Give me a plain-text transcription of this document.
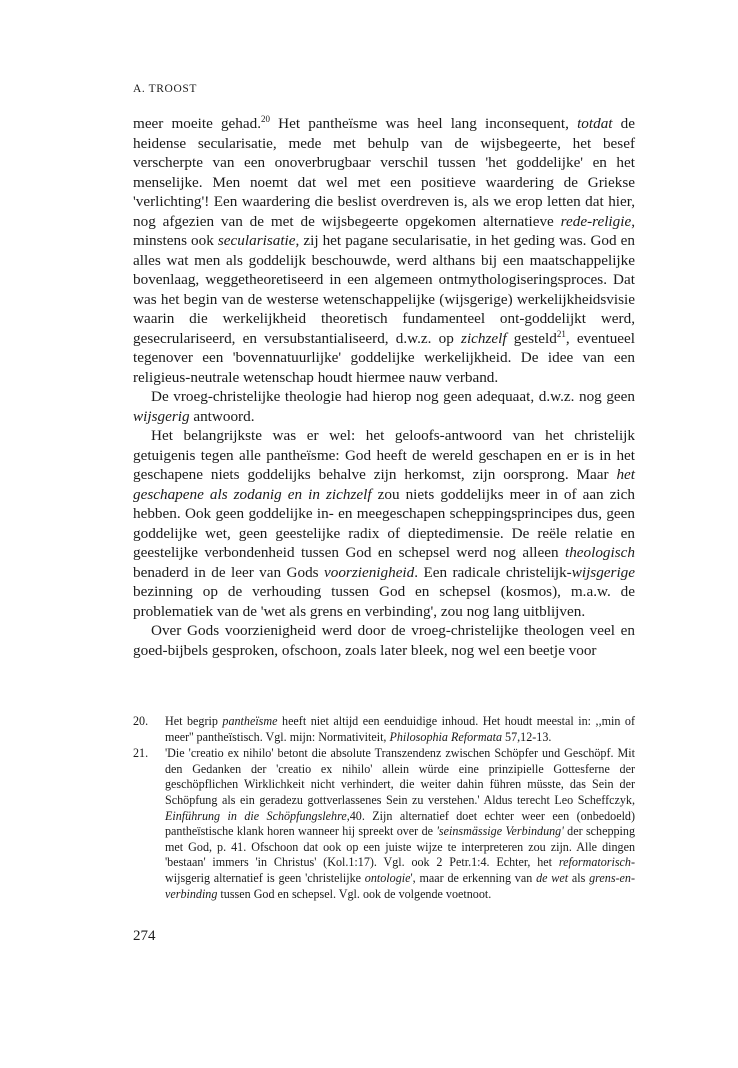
A. TROOST

meer moeite gehad.$^{20}$ Het pantheïsme was heel lang inconsequent, totdat de heidense secularisatie, mede met behulp van de wijsbegeerte, het besef verscherpte van een onoverbrugbaar verschil tussen 'het goddelijke' en het menselijke. Men noemt dat wel met een positieve waardering de Griekse 'verlichting'! Een waardering die beslist overdreven is, als we erop letten dat hier, nog afgezien van de met de wijsbegeerte opgekomen alternatieve rede-religie, minstens ook secularisatie, zij het pagane secularisatie, in het geding was. God en alles wat men als goddelijk beschouwde, werd althans bij een maatschappelijke bovenlaag, weggetheoretiseerd in een algemeen ontmythologiseringsproces. Dat was het begin van de westerse wetenschappelijke (wijsgerige) werkelijkheidsvisie waarin die werkelijkheid theoretisch fundamenteel ont-goddelijkt werd, gesecrulariseerd, en versubstantialiseerd, d.w.z. op zichzelf gesteld$^{21}$, eventueel tegenover een 'bovennatuurlijke' goddelijke werkelijkheid. De idee van een religieus-neutrale wetenschap houdt hiermee nauw verband.

De vroeg-christelijke theologie had hierop nog geen adequaat, d.w.z. nog geen wijsgerig antwoord.

Het belangrijkste was er wel: het geloofs-antwoord van het christelijk getuigenis tegen alle pantheïsme: God heeft de wereld geschapen en er is in het geschapene niets goddelijks behalve zijn herkomst, zijn oorsprong. Maar het geschapene als zodanig en in zichzelf zou niets goddelijks meer in of aan zich hebben. Ook geen goddelijke in- en meegeschapen scheppingsprincipes dus, geen goddelijke wet, geen geestelijke radix of dieptedimensie. De reële relatie en geestelijke verbondenheid tussen God en schepsel werd nog alleen theologisch benaderd in de leer van Gods voorzienigheid. Een radicale christelijk-wijsgerige bezinning op de verhouding tussen God en schepsel (kosmos), m.a.w. de problematiek van de 'wet als grens en verbinding', zou nog lang uitblijven.

Over Gods voorzienigheid werd door de vroeg-christelijke theologen veel en goed-bijbels gesproken, ofschoon, zoals later bleek, nog wel een beetje voor

20. Het begrip pantheïsme heeft niet altijd een eenduidige inhoud. Het houdt meestal in: ,,min of meer'' pantheïstisch. Vgl. mijn: Normativiteit, Philosophia Reformata 57,12-13.
21. 'Die 'creatio ex nihilo' betont die absolute Transzendenz zwischen Schöpfer und Geschöpf. Mit den Gedanken der 'creatio ex nihilo' allein würde eine prinzipielle Gottesferne der geschöpflichen Wirklichkeit nicht verhindert, die weiter dahin führen müsste, das Sein der Schöpfung als ein geradezu gottverlassenes Sein zu verstehen.' Aldus terecht Leo Scheffczyk, Einführung in die Schöpfungslehre,40. Zijn alternatief doet echter weer een (onbedoeld) pantheïstische klank horen wanneer hij spreekt over de 'seinsmässige Verbindung' der schepping met God, p. 41. Ofschoon dat ook op een juiste wijze te interpreteren zou zijn. Alle dingen 'bestaan' immers 'in Christus' (Kol.1:17). Vgl. ook 2 Petr.1:4. Echter, het reformatorisch-wijsgerig alternatief is geen 'christelijke ontologie', maar de erkenning van de wet als grens-en-verbinding tussen God en schepsel. Vgl. ook de volgende voetnoot.
274
